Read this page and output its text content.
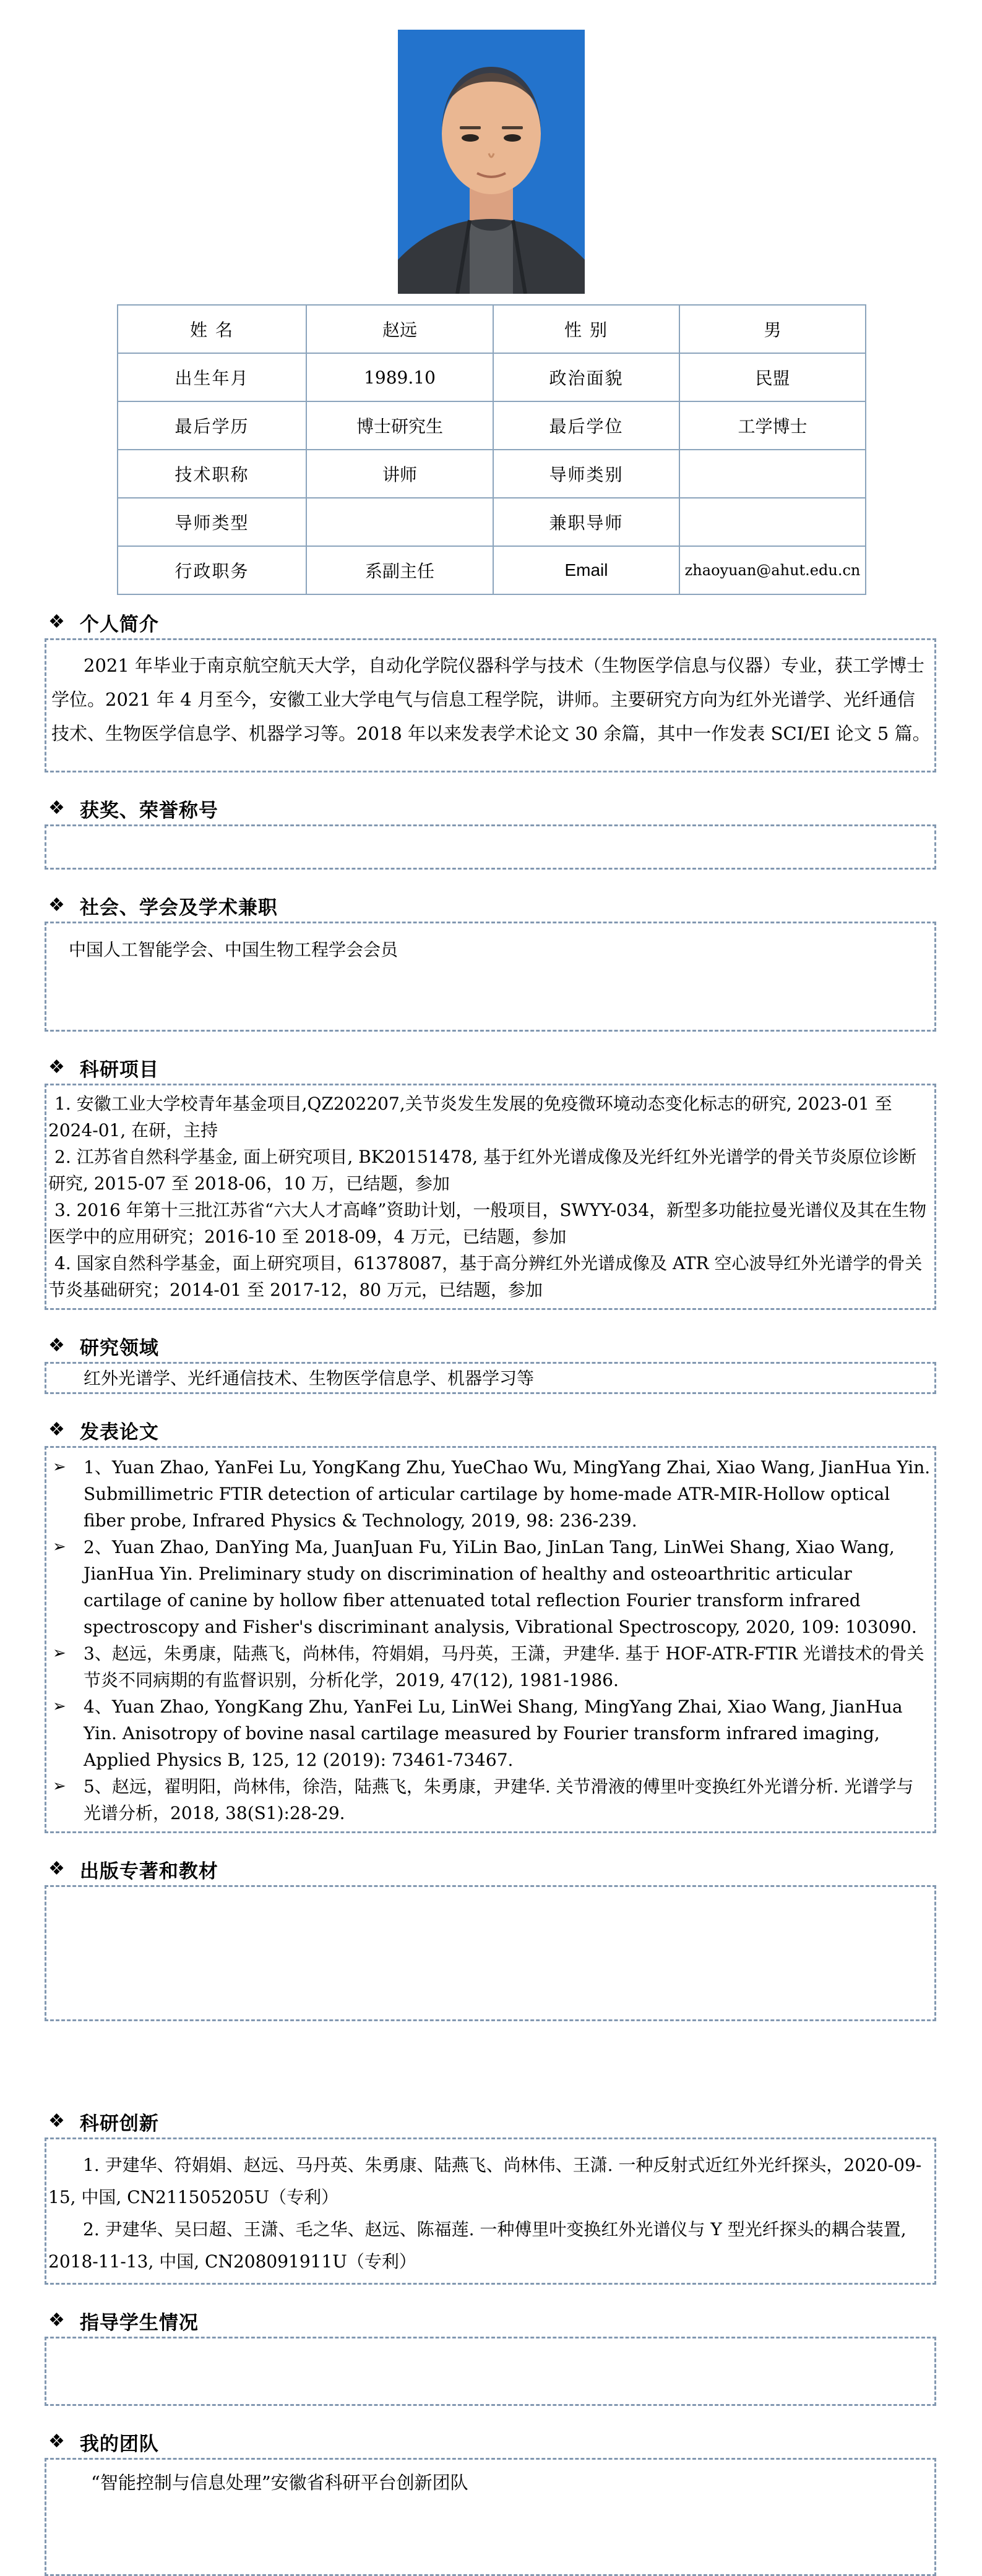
姓 名	赵远	性 别	男
出生年月	1989.10	政治面貌	民盟
最后学历	博士研究生	最后学位	工学博士
技术职称	讲师	导师类别	
导师类型		兼职导师	
行政职务	系副主任	Email	zhaoyuan@ahut.edu.cn
❖ 个人简介

2021 年毕业于南京航空航天大学，自动化学院仪器科学与技术（生物医学信息与仪器）专业，获工学博士学位。2021 年 4 月至今，安徽工业大学电气与信息工程学院，讲师。主要研究方向为红外光谱学、光纤通信技术、生物医学信息学、机器学习等。2018 年以来发表学术论文 30 余篇，其中一作发表 SCI/EI 论文 5 篇。

❖ 获奖、荣誉称号
❖ 社会、学会及学术兼职

中国人工智能学会、中国生物工程学会会员

❖ 科研项目

1. 安徽工业大学校青年基金项目,QZ202207,关节炎发生发展的免疫微环境动态变化标志的研究, 2023-01 至 2024-01, 在研，主持

2. 江苏省自然科学基金, 面上研究项目, BK20151478, 基于红外光谱成像及光纤红外光谱学的骨关节炎原位诊断研究, 2015-07 至 2018-06，10 万，已结题，参加

3. 2016 年第十三批江苏省“六大人才高峰”资助计划，一般项目，SWYY-034，新型多功能拉曼光谱仪及其在生物医学中的应用研究；2016-10 至 2018-09，4 万元，已结题，参加

4. 国家自然科学基金，面上研究项目，61378087，基于高分辨红外光谱成像及 ATR 空心波导红外光谱学的骨关节炎基础研究；2014-01 至 2017-12，80 万元，已结题，参加

❖ 研究领域

红外光谱学、光纤通信技术、生物医学信息学、机器学习等

❖ 发表论文
➢ 1、Yuan Zhao, YanFei Lu, YongKang Zhu, YueChao Wu, MingYang Zhai, Xiao Wang, JianHua Yin. Submillimetric FTIR detection of articular cartilage by home-made ATR-MIR-Hollow optical fiber probe, Infrared Physics & Technology, 2019, 98: 236-239.
➢ 2、Yuan Zhao, DanYing Ma, JuanJuan Fu, YiLin Bao, JinLan Tang, LinWei Shang, Xiao Wang, JianHua Yin. Preliminary study on discrimination of healthy and osteoarthritic articular cartilage of canine by hollow fiber attenuated total reflection Fourier transform infrared spectroscopy and Fisher's discriminant analysis, Vibrational Spectroscopy, 2020, 109: 103090.
➢ 3、赵远，朱勇康，陆燕飞，尚林伟，符娟娟，马丹英，王潇，尹建华. 基于 HOF-ATR-FTIR 光谱技术的骨关节炎不同病期的有监督识别，分析化学，2019, 47(12), 1981-1986.
➢ 4、Yuan Zhao, YongKang Zhu, YanFei Lu, LinWei Shang, MingYang Zhai, Xiao Wang, JianHua Yin. Anisotropy of bovine nasal cartilage measured by Fourier transform infrared imaging, Applied Physics B, 125, 12 (2019): 73461-73467.
➢ 5、赵远，翟明阳，尚林伟，徐浩，陆燕飞，朱勇康，尹建华. 关节滑液的傅里叶变换红外光谱分析. 光谱学与光谱分析，2018, 38(S1):28-29.
❖ 出版专著和教材
❖ 科研创新

1. 尹建华、符娟娟、赵远、马丹英、朱勇康、陆燕飞、尚林伟、王潇. 一种反射式近红外光纤探头，2020-09-15, 中国, CN211505205U（专利）

2. 尹建华、吴曰超、王潇、毛之华、赵远、陈福莲. 一种傅里叶变换红外光谱仪与 Y 型光纤探头的耦合装置, 2018-11-13, 中国, CN208091911U（专利）

❖ 指导学生情况
❖ 我的团队

“智能控制与信息处理”安徽省科研平台创新团队
